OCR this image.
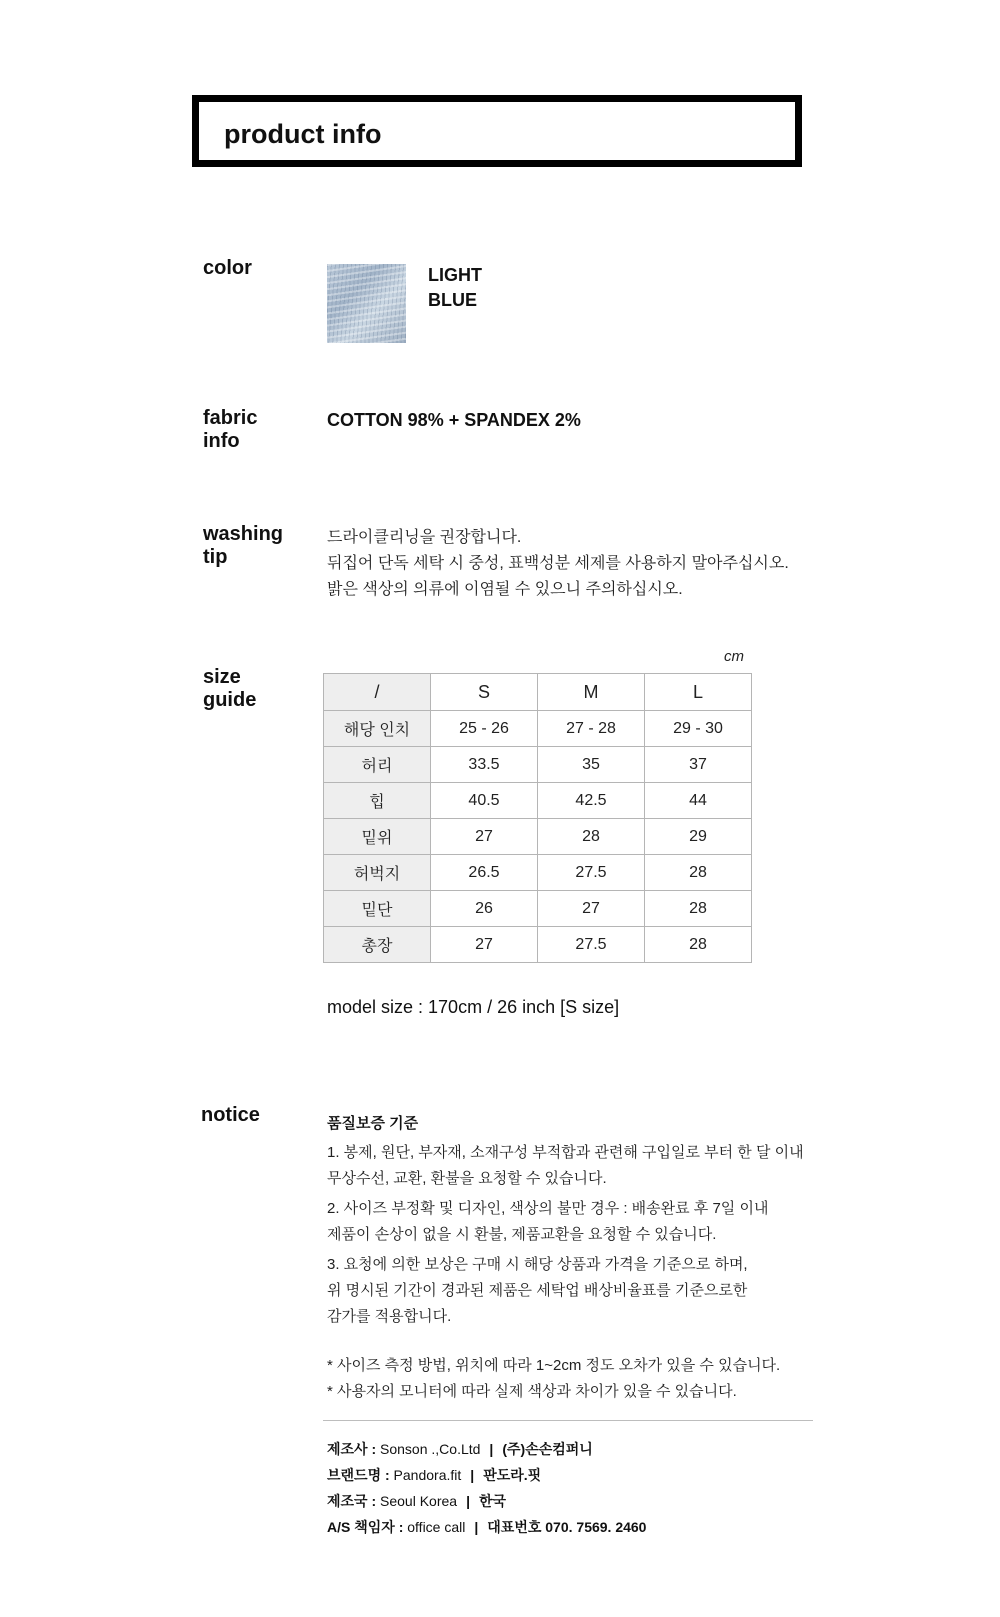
product info
color	LIGHT
BLUE
fabric
info
COTTON 98% + SPANDEX 2%
washing
tip
드라이클리닝을 권장합니다.
뒤집어 단독 세탁 시 중성, 표백성분 세제를 사용하지 말아주십시오.
밝은 색상의 의류에 이염될 수 있으니 주의하십시오.
size
guide
cm
/	S	M	L
해당 인치	25 - 26	27 - 28	29 - 30
허리	33.5	35	37
힙	40.5	42.5	44
밑위	27	28	29
허벅지	26.5	27.5	28
밑단	26	27	28
총장	27	27.5	28
model size : 170cm / 26 inch [S size]
notice	품질보증 기준
1. 봉제, 원단, 부자재, 소재구성 부적합과 관련해 구입일로 부터 한 달 이내
무상수선, 교환, 환불을 요청할 수 있습니다.
2. 사이즈 부정확 및 디자인, 색상의 불만 경우 : 배송완료 후 7일 이내
제품이 손상이 없을 시 환불, 제품교환을 요청할 수 있습니다.
3. 요청에 의한 보상은 구매 시 해당 상품과 가격을 기준으로 하며,
위 명시된 기간이 경과된 제품은 세탁업 배상비율표를 기준으로한
감가를 적용합니다.
* 사이즈 측정 방법, 위치에 따라 1~2cm 정도 오차가 있을 수 있습니다.
* 사용자의 모니터에 따라 실제 색상과 차이가 있을 수 있습니다.
제조사 : Sonson .,Co.Ltd | (주)손손컴퍼니
브랜드명 : Pandora.fit | 판도라.핏
제조국 : Seoul Korea | 한국
A/S 책임자 : office call | 대표번호 070. 7569. 2460
